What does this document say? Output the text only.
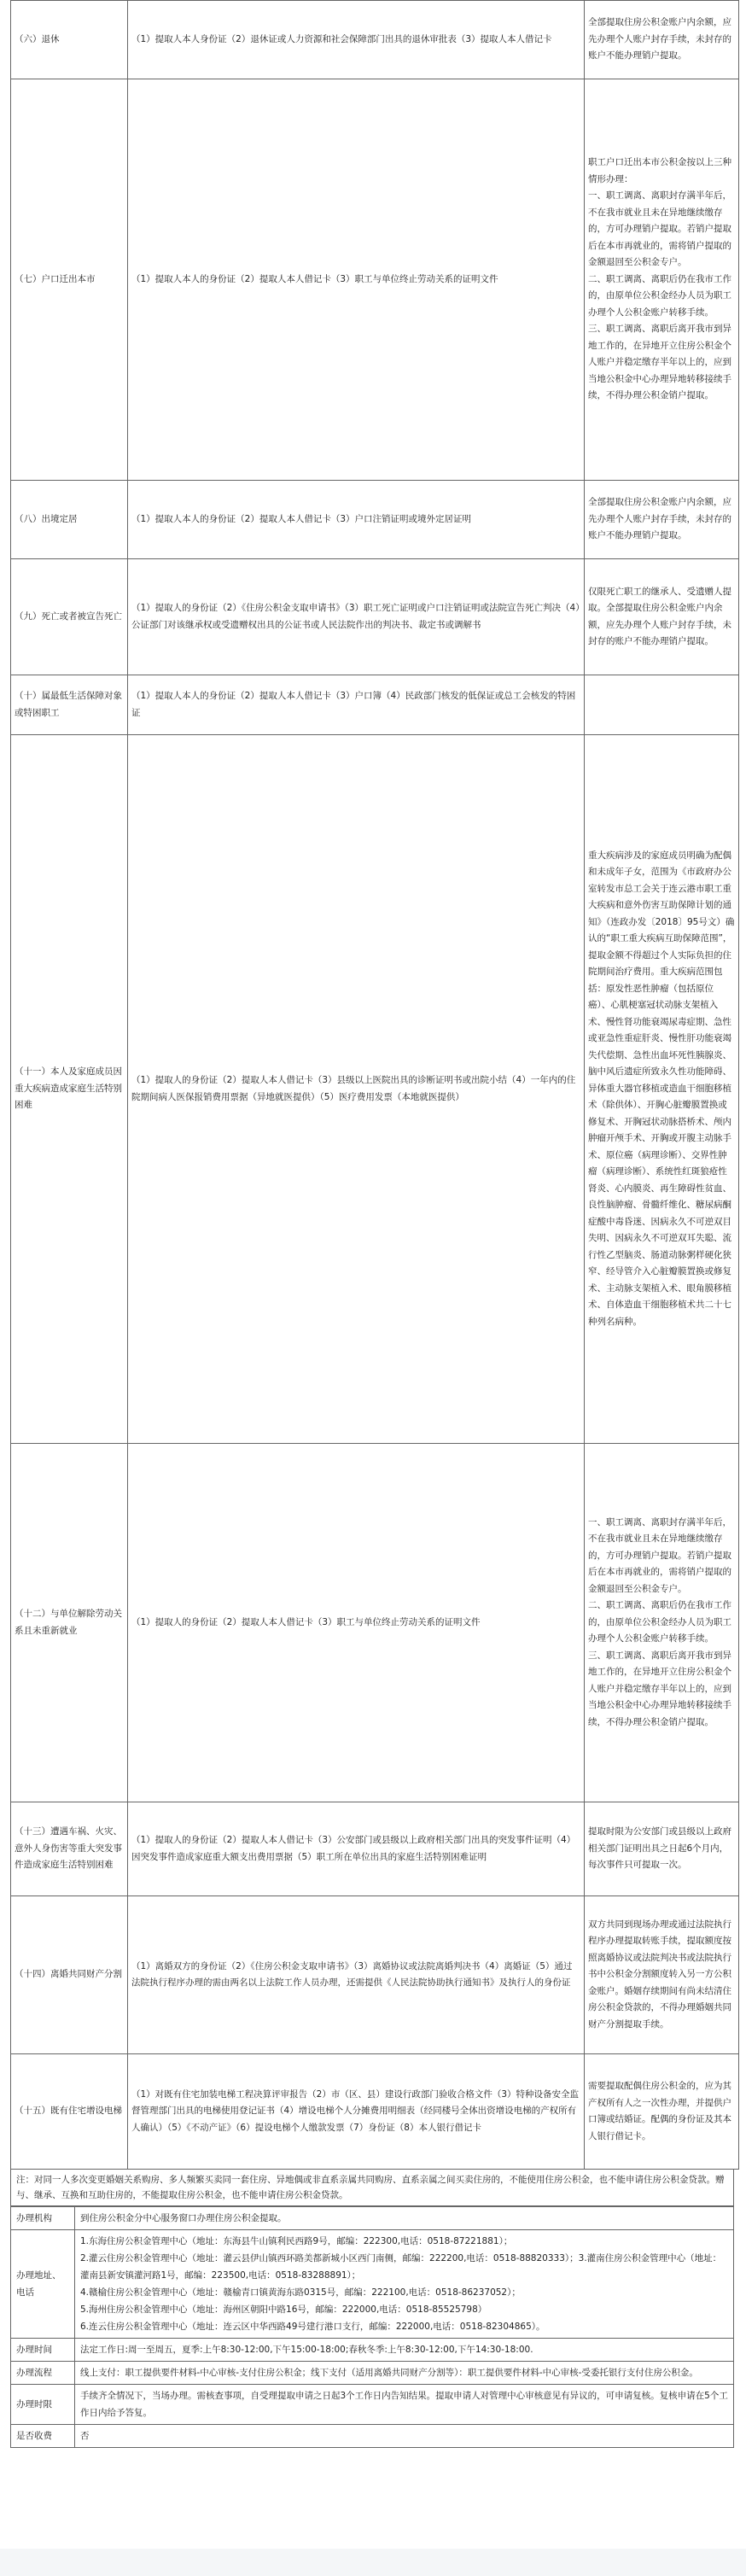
（六）退休	（1）提取人本人身份证（2）退休证或人力资源和社会保障部门出具的退休审批表（3）提取人本人借记卡	全部提取住房公积金账户内余额，应先办理个人账户封存手续，未封存的账户不能办理销户提取。
（七）户口迁出本市	（1）提取人本人的身份证（2）提取人本人借记卡（3）职工与单位终止劳动关系的证明文件	职工户口迁出本市公积金按以上三种情形办理：
一、职工调离、离职封存满半年后，不在我市就业且未在异地继续缴存的，方可办理销户提取。若销户提取后在本市再就业的，需将销户提取的金额退回至公积金专户。
二、职工调离、离职后仍在我市工作的，由原单位公积金经办人员为职工办理个人公积金账户转移手续。
三、职工调离、离职后离开我市到异地工作的，在异地开立住房公积金个人账户并稳定缴存半年以上的，应到当地公积金中心办理异地转移接续手续，不得办理公积金销户提取。
（八）出境定居	（1）提取人本人的身份证（2）提取人本人借记卡（3）户口注销证明或境外定居证明	全部提取住房公积金账户内余额，应先办理个人账户封存手续，未封存的账户不能办理销户提取。
（九）死亡或者被宣告死亡	（1）提取人的身份证（2）《住房公积金支取申请书》（3）职工死亡证明或户口注销证明或法院宣告死亡判决（4）公证部门对该继承权或受遗赠权出具的公证书或人民法院作出的判决书、裁定书或调解书	仅限死亡职工的继承人、受遗赠人提取。全部提取住房公积金账户内余额，应先办理个人账户封存手续，未封存的账户不能办理销户提取。
（十）属最低生活保障对象或特困职工	（1）提取人本人的身份证（2）提取人本人借记卡（3）户口簿（4）民政部门核发的低保证或总工会核发的特困证	
（十一）本人及家庭成员因重大疾病造成家庭生活特别困难	（1）提取人的身份证（2）提取人本人借记卡（3）县级以上医院出具的诊断证明书或出院小结（4）一年内的住院期间病人医保报销费用票据（异地就医提供）（5）医疗费用发票（本地就医提供）	重大疾病涉及的家庭成员明确为配偶和未成年子女，范围为《市政府办公室转发市总工会关于连云港市职工重大疾病和意外伤害互助保障计划的通知》（连政办发〔2018〕95号文）确认的“职工重大疾病互助保障范围”，提取金额不得超过个人实际负担的住院期间治疗费用。重大疾病范围包括：原发性恶性肿瘤（包括原位癌）、心肌梗塞冠状动脉支架植入术、慢性肾功能衰竭尿毒症期、急性或亚急性重症肝炎、慢性肝功能衰竭失代偿期、急性出血坏死性胰腺炎、脑中风后遗症所致永久性功能障碍、异体重大器官移植或造血干细胞移植术（除供体）、开胸心脏瓣膜置换或修复术、开胸冠状动脉搭桥术、颅内肿瘤开颅手术、开胸或开腹主动脉手术、原位癌（病理诊断）、交界性肿瘤（病理诊断）、系统性红斑狼疮性肾炎、心内膜炎、再生障碍性贫血、良性脑肿瘤、骨髓纤维化、糖尿病酮症酸中毒昏迷、因病永久不可逆双目失明、因病永久不可逆双耳失聪、流行性乙型脑炎、肠道动脉粥样硬化狭窄、经导管介入心脏瓣膜置换或修复术、主动脉支架植入术、眼角膜移植术、自体造血干细胞移植术共二十七种列名病种。
（十二）与单位解除劳动关系且未重新就业	（1）提取人的身份证（2）提取人本人借记卡（3）职工与单位终止劳动关系的证明文件	一、职工调离、离职封存满半年后，不在我市就业且未在异地继续缴存的，方可办理销户提取。若销户提取后在本市再就业的，需将销户提取的金额退回至公积金专户。
二、职工调离、离职后仍在我市工作的，由原单位公积金经办人员为职工办理个人公积金账户转移手续。
三、职工调离、离职后离开我市到异地工作的，在异地开立住房公积金个人账户并稳定缴存半年以上的，应到当地公积金中心办理异地转移接续手续，不得办理公积金销户提取。
（十三）遭遇车祸、火灾、意外人身伤害等重大突发事件造成家庭生活特别困难	（1）提取人的身份证（2）提取人本人借记卡（3）公安部门或县级以上政府相关部门出具的突发事件证明（4）因突发事件造成家庭重大额支出费用票据（5）职工所在单位出具的家庭生活特别困难证明	提取时限为公安部门或县级以上政府相关部门证明出具之日起6个月内，每次事件只可提取一次。
（十四）离婚共同财产分割	（1）离婚双方的身份证（2）《住房公积金支取申请书》（3）离婚协议或法院离婚判决书（4）离婚证（5）通过法院执行程序办理的需由两名以上法院工作人员办理，还需提供《人民法院协助执行通知书》及执行人的身份证	双方共同到现场办理或通过法院执行程序办理提取转账手续，提取额度按照离婚协议或法院判决书或法院执行书中公积金分割额度转入另一方公积金账户。婚姻存续期间有尚未结清住房公积金贷款的，不得办理婚姻共同财产分割提取手续。
（十五）既有住宅增设电梯	（1）对既有住宅加装电梯工程决算评审报告（2）市（区、县）建设行政部门验收合格文件（3）特种设备安全监督管理部门出具的电梯使用登记证书（4）增设电梯个人分摊费用明细表（经同楼号全体出资增设电梯的产权所有人确认）（5）《不动产证》（6）提设电梯个人缴款发票（7）身份证（8）本人银行借记卡	需要提取配偶住房公积金的，应为其产权所有人之一次性办理，并提供户口簿或结婚证。配偶的身份证及其本人银行借记卡。
注：对同一人多次变更婚姻关系购房、多人频繁买卖同一套住房、异地偶或非直系亲属共同购房、直系亲属之间买卖住房的，不能使用住房公积金，也不能申请住房公积金贷款。赠与、继承、互换和互助住房的，不能提取住房公积金，也不能申请住房公积金贷款。
办理机构	到住房公积金分中心服务窗口办理住房公积金提取。
办理地址、电话	1.东海住房公积金管理中心（地址：东海县牛山镇利民西路9号，邮编：222300,电话：0518-87221881）；
2.灌云住房公积金管理中心（地址：灌云县伊山镇西环路美都新城小区西门南侧，邮编：222200,电话：0518-88820333）；3.灌南住房公积金管理中心（地址：灌南县新安镇灌河路1号，邮编：223500,电话：0518-83288891）；
4.赣榆住房公积金管理中心（地址：赣榆青口镇黄海东路0315号，邮编：222100,电话：0518-86237052）；
5.海州住房公积金管理中心（地址：海州区朝阳中路16号，邮编：222000,电话：0518-85525798）
6.连云住房公积金管理中心（地址：连云区中华西路49号建行港口支行，邮编：222000,电话：0518-82304865）。
办理时间	法定工作日:周一至周五，夏季:上午8:30-12:00,下午15:00-18:00;春秋冬季:上午8:30-12:00,下午14:30-18:00.
办理流程	线上支付：职工提供要件材料-中心审核-支付住房公积金；线下支付（适用离婚共同财产分割等）：职工提供要件材料-中心审核-受委托银行支付住房公积金。
办理时限	手续齐全情况下，当场办理。需核查事项，自受理提取申请之日起3个工作日内告知结果。提取申请人对管理中心审核意见有异议的，可申请复核。复核申请在5个工作日内给予答复。
是否收费	否
